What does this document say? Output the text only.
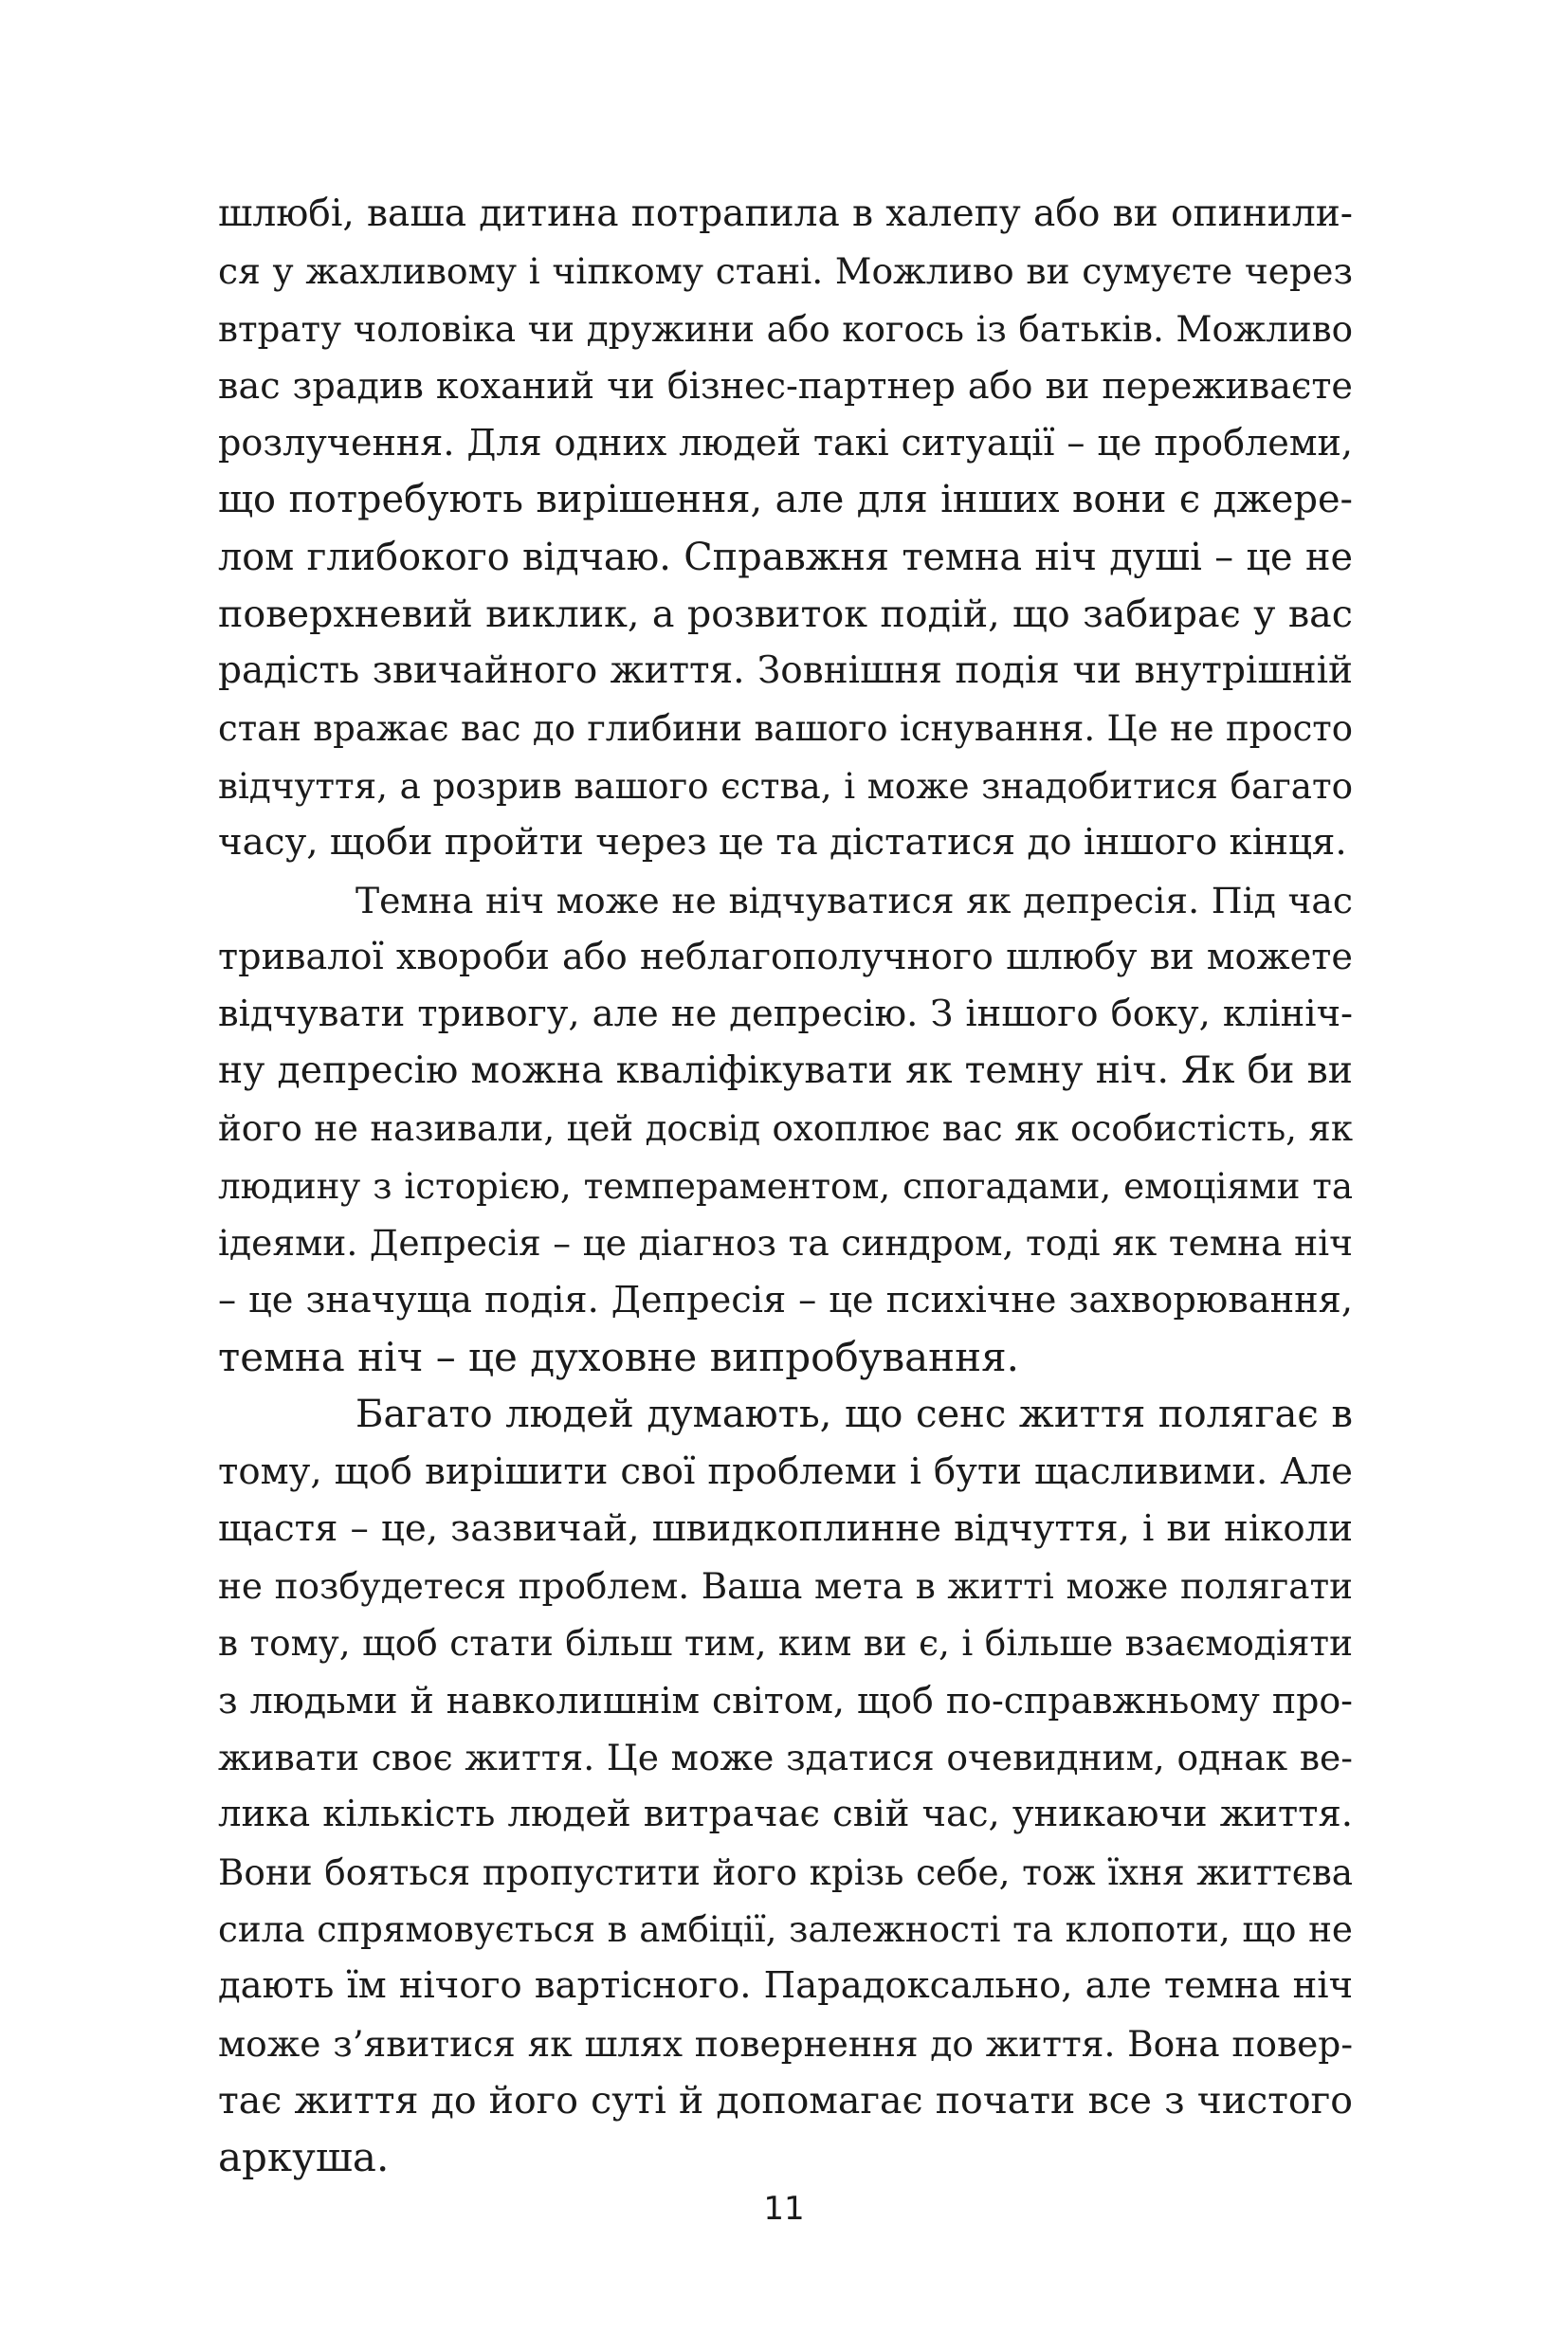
шлюбі, ваша дитина потрапила в халепу або ви опинили-
ся у жахливому і чіпкому стані. Можливо ви сумуєте через
втрату чоловіка чи дружини або когось із батьків. Можливо
вас зрадив коханий чи бізнес-партнер або ви переживаєте
розлучення. Для одних людей такі ситуації – це проблеми,
що потребують вирішення, але для інших вони є джере-
лом глибокого відчаю. Справжня темна ніч душі – це не
поверхневий виклик, а розвиток подій, що забирає у вас
радість звичайного життя. Зовнішня подія чи внутрішній
стан вражає вас до глибини вашого існування. Це не просто
відчуття, а розрив вашого єства, і може знадобитися багато
часу, щоби пройти через це та дістатися до іншого кінця.
Темна ніч може не відчуватися як депресія. Під час
тривалої хвороби або неблагополучного шлюбу ви можете
відчувати тривогу, але не депресію. З іншого боку, клініч-
ну депресію можна кваліфікувати як темну ніч. Як би ви
його не називали, цей досвід охоплює вас як особистість, як
людину з історією, темпераментом, спогадами, емоціями та
ідеями. Депресія – це діагноз та синдром, тоді як темна ніч
– це значуща подія. Депресія – це психічне захворювання,
темна ніч – це духовне випробування.
Багато людей думають, що сенс життя полягає в
тому, щоб вирішити свої проблеми і бути щасливими. Але
щастя – це, зазвичай, швидкоплинне відчуття, і ви ніколи
не позбудетеся проблем. Ваша мета в житті може полягати
в тому, щоб стати більш тим, ким ви є, і більше взаємодіяти
з людьми й навколишнім світом, щоб по-справжньому про-
живати своє життя. Це може здатися очевидним, однак ве-
лика кількість людей витрачає свій час, уникаючи життя.
Вони бояться пропустити його крізь себе, тож їхня життєва
сила спрямовується в амбіції, залежності та клопоти, що не
дають їм нічого вартісного. Парадоксально, але темна ніч
може з’явитися як шлях повернення до життя. Вона повер-
тає життя до його суті й допомагає почати все з чистого
аркуша.
11
